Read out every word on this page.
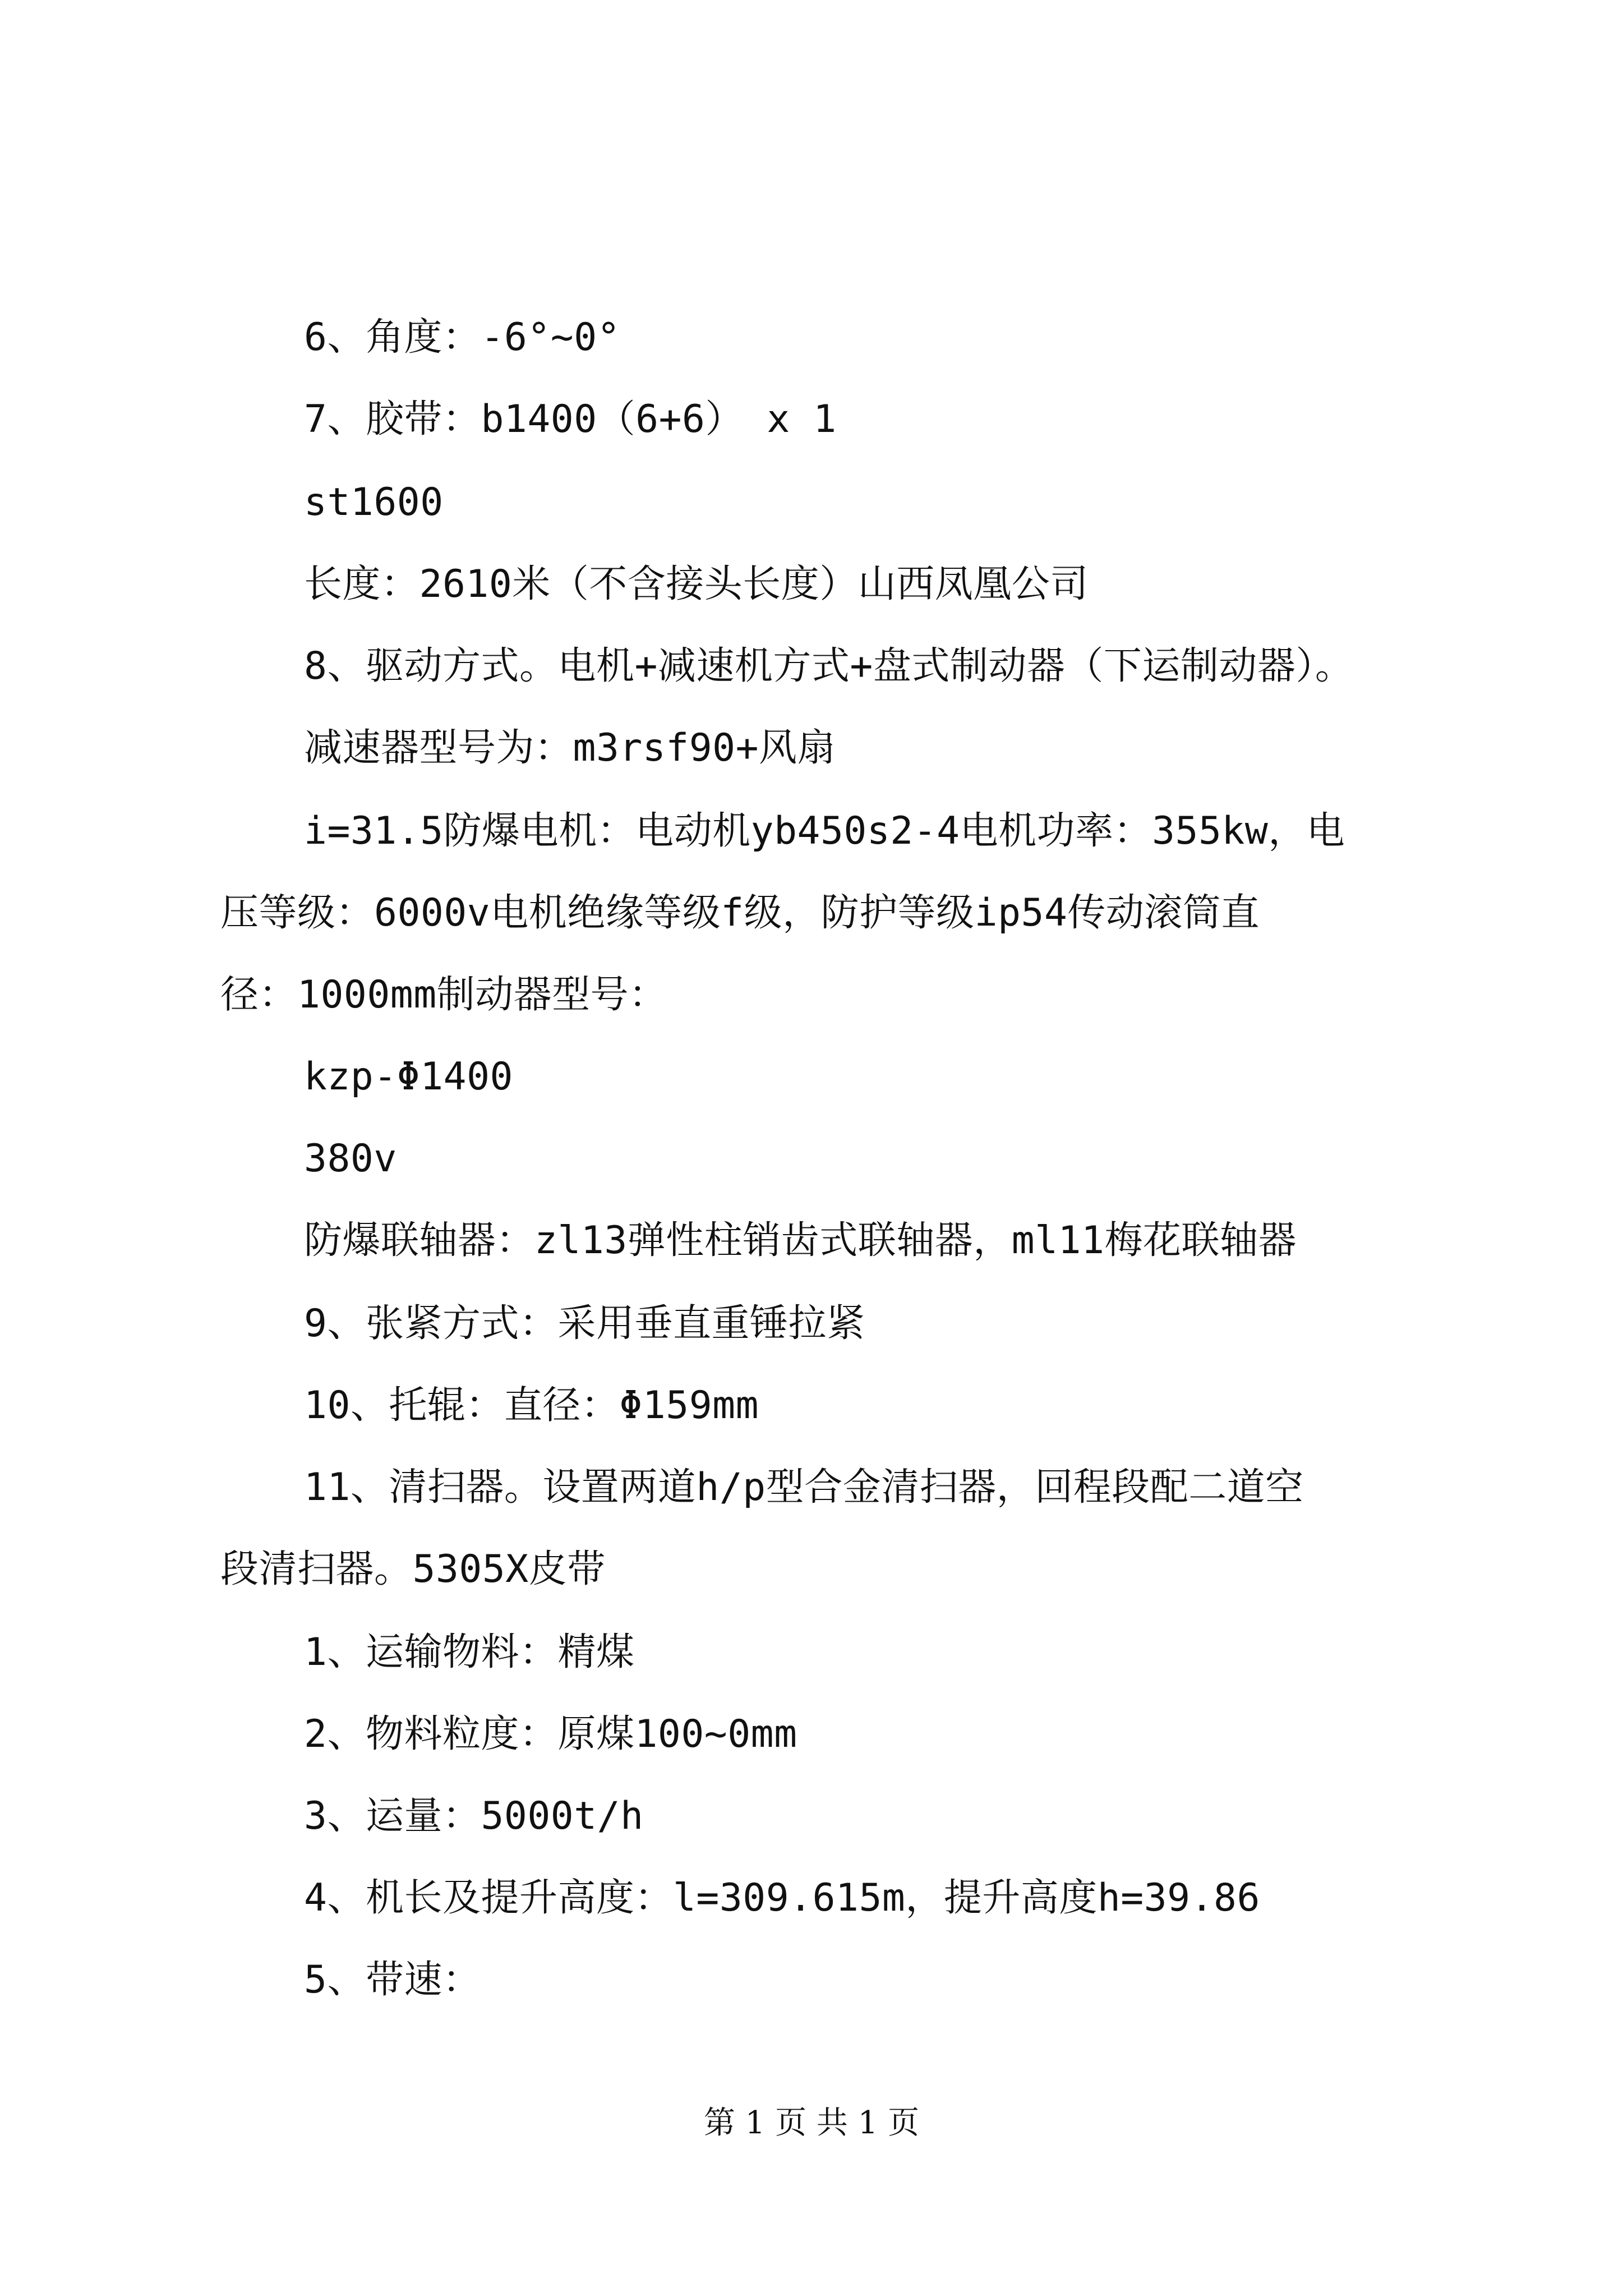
6、角度：-6°~0°

7、胶带：b1400（6+6） x 1

st1600

长度：2610米（不含接头长度）山西凤凰公司

8、驱动方式。电机+减速机方式+盘式制动器（下运制动器）。

减速器型号为：m3rsf90+风扇

i=31.5防爆电机：电动机yb450s2-4电机功率：355kw，电

压等级：6000v电机绝缘等级f级，防护等级ip54传动滚筒直

径：1000mm制动器型号：

kzp-Φ1400

380v

防爆联轴器：zl13弹性柱销齿式联轴器，ml11梅花联轴器

9、张紧方式：采用垂直重锤拉紧

10、托辊：直径：Φ159mm

11、清扫器。设置两道h/p型合金清扫器，回程段配二道空

段清扫器。5305X皮带

1、运输物料：精煤

2、物料粒度：原煤100~0mm

3、运量：5000t/h

4、机长及提升高度：l=309.615m，提升高度h=39.86

5、带速：

第 1 页 共 1 页
